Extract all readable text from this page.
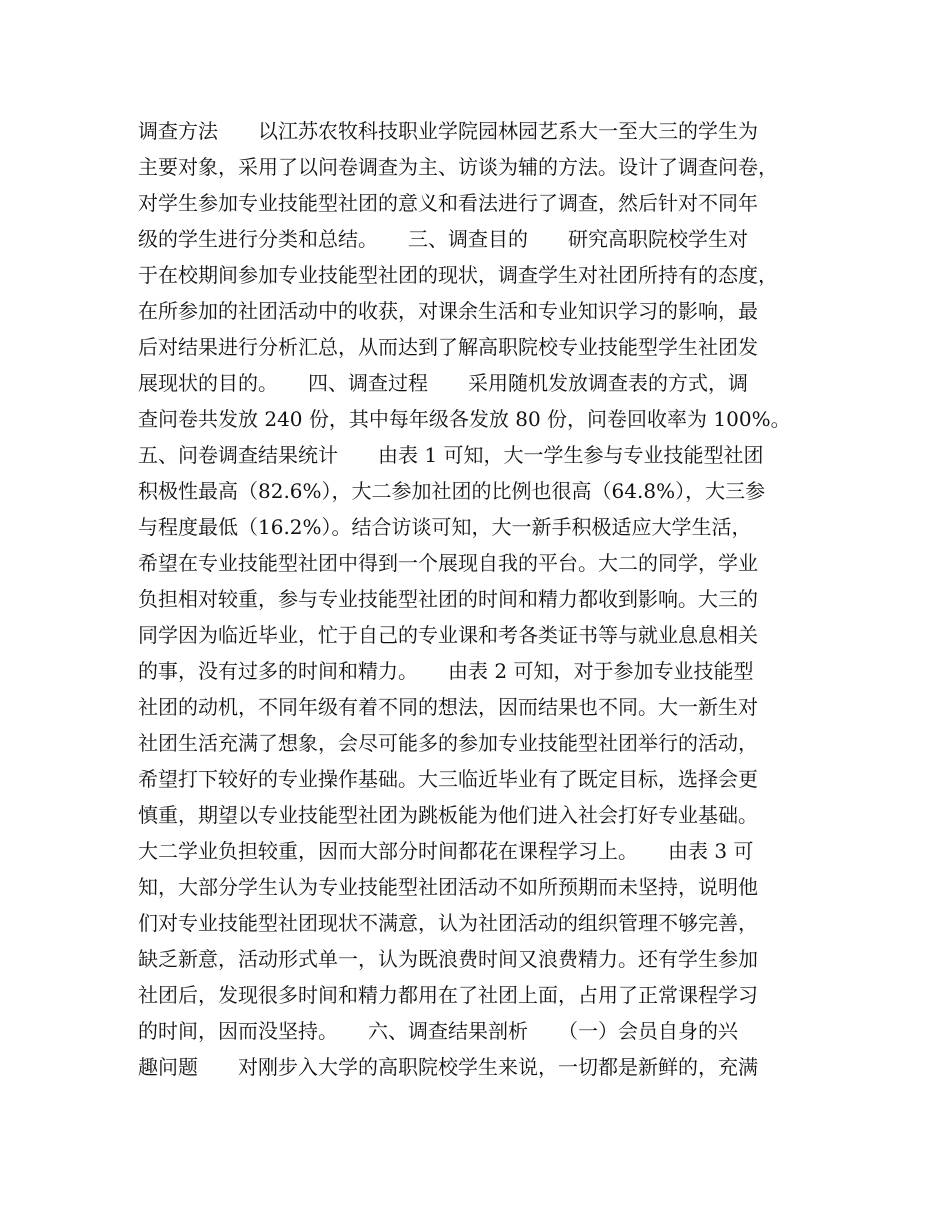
调查方法　　以江苏农牧科技职业学院园林园艺系大一至大三的学生为
主要对象，采用了以问卷调查为主、访谈为辅的方法。设计了调查问卷，
对学生参加专业技能型社团的意义和看法进行了调查，然后针对不同年
级的学生进行分类和总结。　　三、调查目的　　研究高职院校学生对
于在校期间参加专业技能型社团的现状，调查学生对社团所持有的态度，
在所参加的社团活动中的收获，对课余生活和专业知识学习的影响，最
后对结果进行分析汇总，从而达到了解高职院校专业技能型学生社团发
展现状的目的。　　四、调查过程　　采用随机发放调查表的方式，调
查问卷共发放 240 份，其中每年级各发放 80 份，问卷回收率为 100%。
五、问卷调查结果统计　　由表 1 可知，大一学生参与专业技能型社团
积极性最高（82.6%），大二参加社团的比例也很高（64.8%），大三参
与程度最低（16.2%）。结合访谈可知，大一新手积极适应大学生活，
希望在专业技能型社团中得到一个展现自我的平台。大二的同学，学业
负担相对较重，参与专业技能型社团的时间和精力都收到影响。大三的
同学因为临近毕业，忙于自己的专业课和考各类证书等与就业息息相关
的事，没有过多的时间和精力。　　由表 2 可知，对于参加专业技能型
社团的动机，不同年级有着不同的想法，因而结果也不同。大一新生对
社团生活充满了想象，会尽可能多的参加专业技能型社团举行的活动，
希望打下较好的专业操作基础。大三临近毕业有了既定目标，选择会更
慎重，期望以专业技能型社团为跳板能为他们进入社会打好专业基础。
大二学业负担较重，因而大部分时间都花在课程学习上。　　由表 3 可
知，大部分学生认为专业技能型社团活动不如所预期而未坚持，说明他
们对专业技能型社团现状不满意，认为社团活动的组织管理不够完善，
缺乏新意，活动形式单一，认为既浪费时间又浪费精力。还有学生参加
社团后，发现很多时间和精力都用在了社团上面，占用了正常课程学习
的时间，因而没坚持。　　六、调查结果剖析　　（一）会员自身的兴
趣问题　　对刚步入大学的高职院校学生来说，一切都是新鲜的，充满
